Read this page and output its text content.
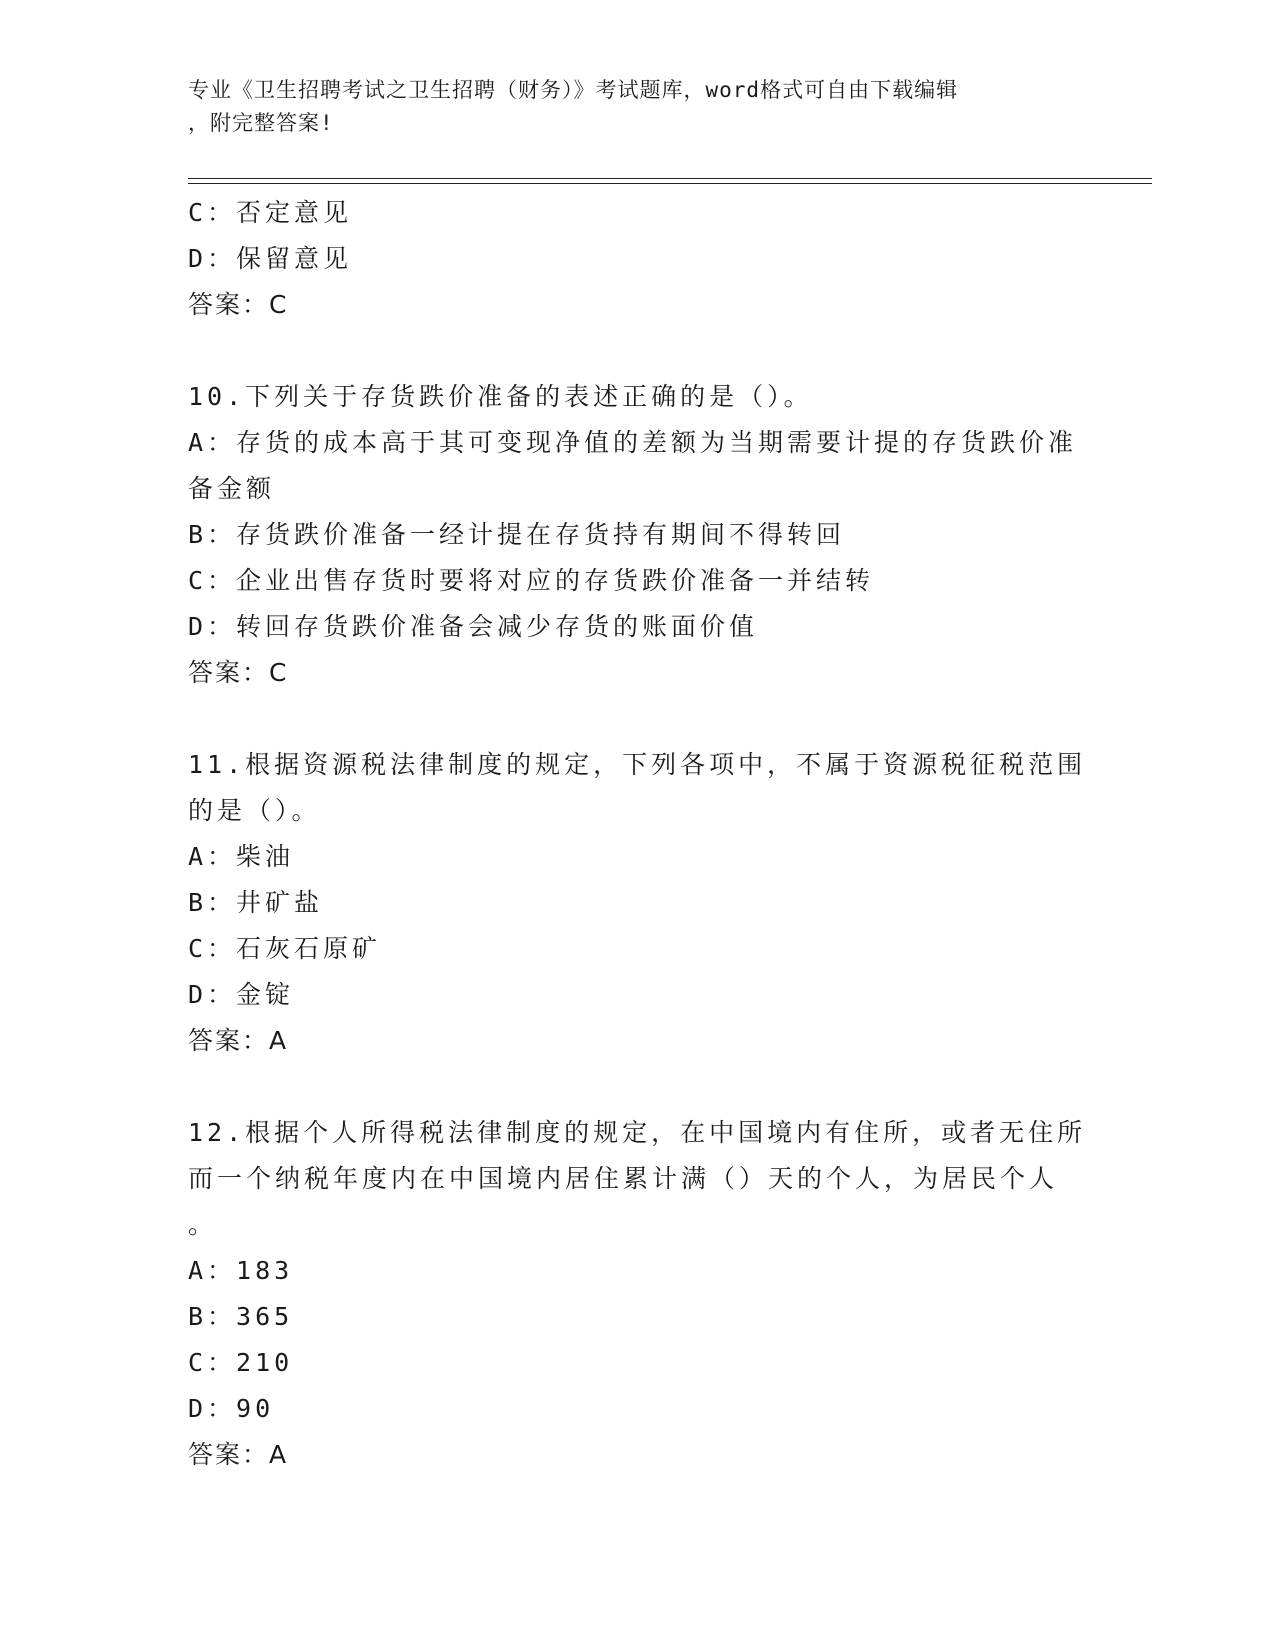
专业《卫生招聘考试之卫生招聘（财务）》考试题库，word格式可自由下载编辑
，附完整答案!
C：否定意见
D：保留意见
答案：C
10.下列关于存货跌价准备的表述正确的是（）。
A：存货的成本高于其可变现净值的差额为当期需要计提的存货跌价准
备金额
B：存货跌价准备一经计提在存货持有期间不得转回
C：企业出售存货时要将对应的存货跌价准备一并结转
D：转回存货跌价准备会减少存货的账面价值
答案：C
11.根据资源税法律制度的规定，下列各项中，不属于资源税征税范围
的是（）。
A：柴油
B：井矿盐
C：石灰石原矿
D：金锭
答案：A
12.根据个人所得税法律制度的规定，在中国境内有住所，或者无住所
而一个纳税年度内在中国境内居住累计满（）天的个人，为居民个人
。
A：183
B：365
C：210
D：90
答案：A
